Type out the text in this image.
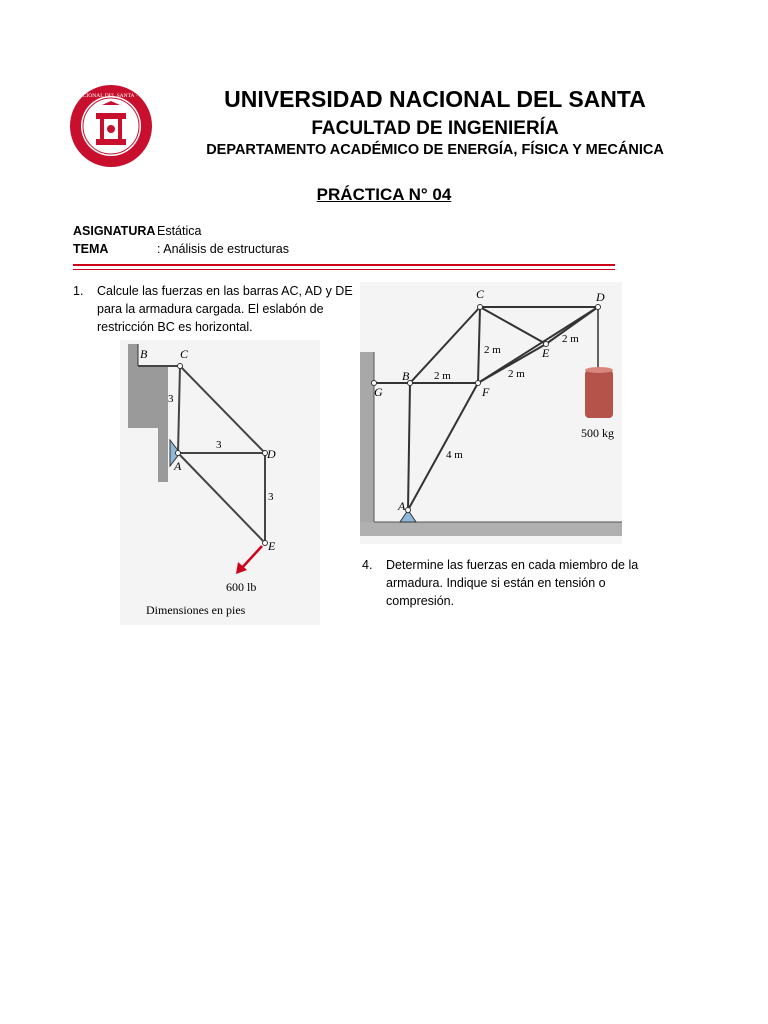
UNIVERSIDAD NACIONAL DEL SANTA · CHIMBOTE - PERÚ	UNIVERSIDAD NACIONAL DEL SANTA
FACULTAD DE INGENIERÍA
DEPARTAMENTO ACADÉMICO DE ENERGÍA, FÍSICA Y MECÁNICA
PRÁCTICA N° 04
ASIGNATURA Estática
TEMA	: Análisis de estructuras
1. Calcule las fuerzas en las barras AC, AD y DE
para la armadura cargada. El eslabón de
restricción BC es horizontal.
B	C
D
A
E
3
3
3
600 lb
Dimensiones en pies
C	D
E
B
F
G
A
2 m
2 m
2 m	2 m
4 m
500 kg
4. Determine las fuerzas en cada miembro de la
armadura. Indique si están en tensión o
compresión.
